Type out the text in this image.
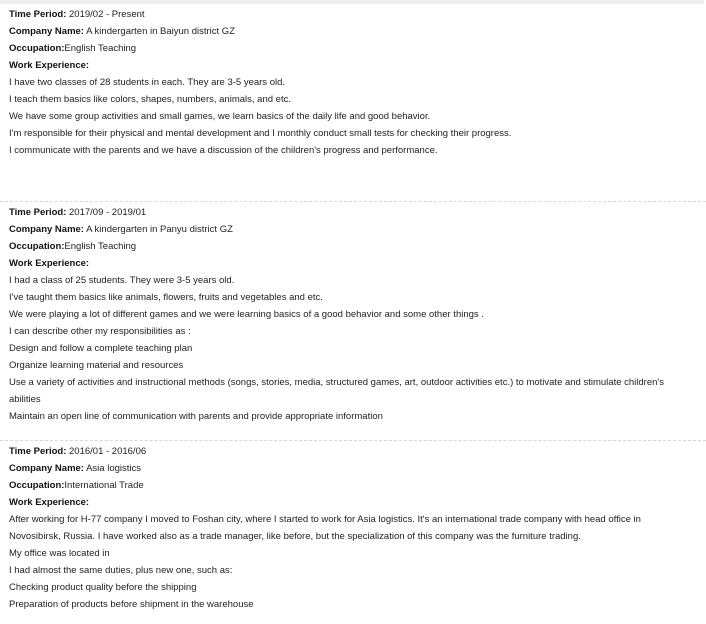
Time Period: 2019/02 - Present
Company Name: A kindergarten in Baiyun district GZ
Occupation:English Teaching
Work Experience:

I have two classes of 28 students in each. They are 3-5 years old.

I teach them basics like colors, shapes, numbers, animals, and etc.

We have some group activities and small games, we learn basics of the daily life and good behavior.

I'm responsible for their physical and mental development and I monthly conduct small tests for checking their progress.

I communicate with the parents and we have a discussion of the children's progress and performance.

Time Period: 2017/09 - 2019/01
Company Name: A kindergarten in Panyu district GZ
Occupation:English Teaching
Work Experience:

I had a class of 25 students. They were 3-5 years old.

I've taught them basics like animals, flowers, fruits and vegetables and etc.

We were playing a lot of different games and we were learning basics of a good behavior and some other things .

I can describe other my responsibilities as :

Design and follow a complete teaching plan

Organize learning material and resources

Use a variety of activities and instructional methods (songs, stories, media, structured games, art, outdoor activities etc.) to motivate and stimulate children's abilities

Maintain an open line of communication with parents and provide appropriate information

Time Period: 2016/01 - 2016/06
Company Name: Asia logistics
Occupation:International Trade
Work Experience:

After working for H-77 company I moved to Foshan city, where I started to work for Asia logistics. It's an international trade company with head office in Novosibirsk, Russia. I have worked also as a trade manager, like before, but the specialization of this company was the furniture trading.

My office was located in

I had almost the same duties, plus new one, such as:

Checking product quality before the shipping

Preparation of products before shipment in the warehouse
